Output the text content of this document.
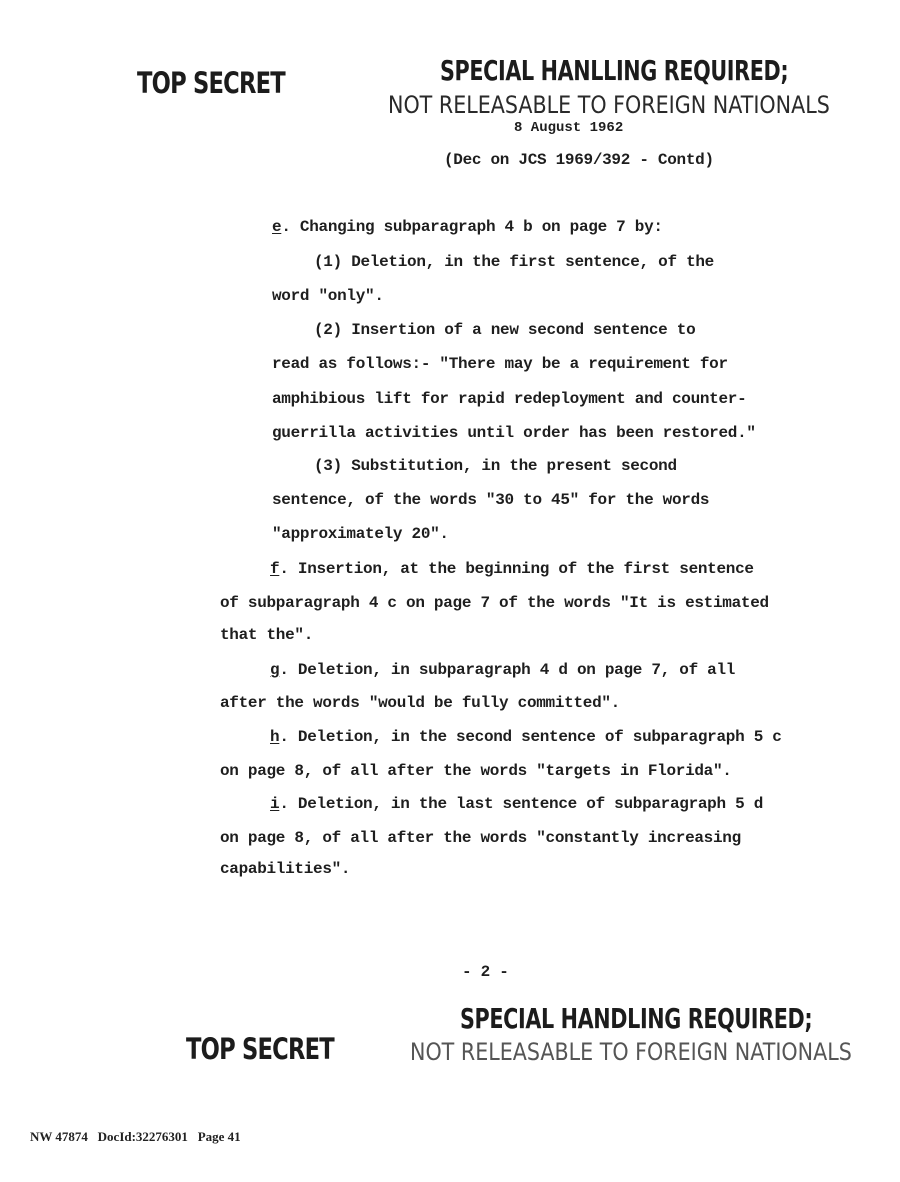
TOP SECRET	SPECIAL HANLLING REQUIRED;
NOT RELEASABLE TO FOREIGN NATIONALS
8 August 1962
(Dec on JCS 1969/392 - Contd)
e. Changing subparagraph 4 b on page 7 by:
(1) Deletion, in the first sentence, of the
word "only".
(2) Insertion of a new second sentence to
read as follows:- "There may be a requirement for
amphibious lift for rapid redeployment and counter-
guerrilla activities until order has been restored."
(3) Substitution, in the present second
sentence, of the words "30 to 45" for the words
"approximately 20".
f. Insertion, at the beginning of the first sentence
of subparagraph 4 c on page 7 of the words "It is estimated
that the".
g. Deletion, in subparagraph 4 d on page 7, of all
after the words "would be fully committed".
h. Deletion, in the second sentence of subparagraph 5 c
on page 8, of all after the words "targets in Florida".
i. Deletion, in the last sentence of subparagraph 5 d
on page 8, of all after the words "constantly increasing
capabilities".
- 2 -
SPECIAL HANDLING REQUIRED;
TOP SECRET	NOT RELEASABLE TO FOREIGN NATIONALS
NW 47874 DocId:32276301 Page 41
